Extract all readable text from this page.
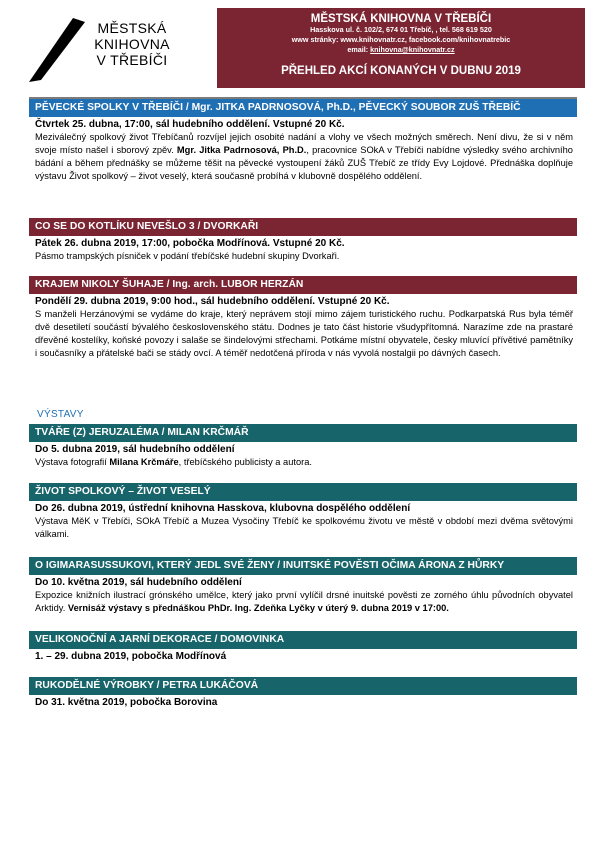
MĚSTSKÁ
KNIHOVNA
V TŘEBÍČI
MĚSTSKÁ KNIHOVNA V TŘEBÍČI
Hasskova ul. č. 102/2, 674 01 Třebíč, , tel. 568 619 520
www stránky: www.knihovnatr.cz, facebook.com/knihovnatrebic
email: knihovna@knihovnatr.cz
PŘEHLED AKCÍ KONANÝCH V DUBNU 2019
PĚVECKÉ SPOLKY V TŘEBÍČI / Mgr. JITKA PADRNOSOVÁ, Ph.D., PĚVECKÝ SOUBOR ZUŠ TŘEBÍČ
Čtvrtek 25. dubna, 17:00, sál hudebního oddělení. Vstupné 20 Kč.
Meziválečný spolkový život Třebíčanů rozvíjel jejich osobité nadání a vlohy ve všech možných směrech. Není divu, že si v něm svoje místo našel i sborový zpěv. Mgr. Jitka Padrnosová, Ph.D., pracovnice SOkA v Třebíči nabídne výsledky svého archivního bádání a během přednášky se můžeme těšit na pěvecké vystoupení žáků ZUŠ Třebíč ze třídy Evy Lojdové. Přednáška doplňuje výstavu Život spolkový – život veselý, která současně probíhá v klubovně dospělého oddělení.
CO SE DO KOTLÍKU NEVEŠLO 3 / DVORKAŘI
Pátek 26. dubna 2019, 17:00, pobočka Modřínová. Vstupné 20 Kč.
Pásmo trampských písniček v podání třebíčské hudební skupiny Dvorkaři.
KRAJEM NIKOLY ŠUHAJE / Ing. arch. LUBOR HERZÁN
Pondělí 29. dubna 2019, 9:00 hod., sál hudebního oddělení. Vstupné 20 Kč.
S manželi Herzánovými se vydáme do kraje, který neprávem stojí mimo zájem turistického ruchu. Podkarpatská Rus byla téměř dvě desetiletí součástí bývalého československého státu. Dodnes je tato část historie všudypřítomná. Narazíme zde na prastaré dřevěné kostelíky, koňské povozy i salaše se šindelovými střechami. Potkáme místní obyvatele, česky mluvící přívětivé pamětníky i současníky a přátelské bači se stády ovcí. A téměř nedotčená příroda v nás vyvolá nostalgii po dávných časech.
VÝSTAVY
TVÁŘE (Z) JERUZALÉMA / MILAN KRČMÁŘ
Do 5. dubna 2019, sál hudebního oddělení
Výstava fotografií Milana Krčmáře, třebíčského publicisty a autora.
ŽIVOT SPOLKOVÝ – ŽIVOT VESELÝ
Do 26. dubna 2019, ústřední knihovna Hasskova, klubovna dospělého oddělení
Výstava MěK v Třebíči, SOkA Třebíč a Muzea Vysočiny Třebíč ke spolkovému životu ve městě v období mezi dvěma světovými válkami.
O IGIMARASUSSUKOVI, KTERÝ JEDL SVÉ ŽENY / INUITSKÉ POVĚSTI OČIMA ÁRONA Z HŮRKY
Do 10. května 2019, sál hudebního oddělení
Expozice knižních ilustrací grónského umělce, který jako první vylíčil drsné inuitské pověsti ze zorného úhlu původních obyvatel Arktidy. Vernisáž výstavy s přednáškou PhDr. Ing. Zdeňka Lyčky v úterý 9. dubna 2019 v 17:00.
VELIKONOČNÍ A JARNÍ DEKORACE / DOMOVINKA
1. – 29. dubna 2019, pobočka Modřínová
RUKODĚLNÉ VÝROBKY / PETRA LUKÁČOVÁ
Do 31. května 2019, pobočka Borovina
